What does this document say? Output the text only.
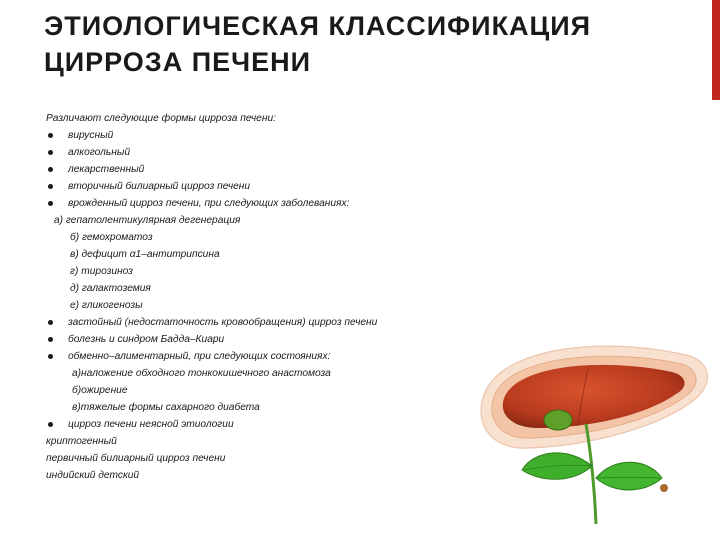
ЭТИОЛОГИЧЕСКАЯ КЛАССИФИКАЦИЯ
ЦИРРОЗА ПЕЧЕНИ
Различают следующие формы цирроза печени:
вирусный
алкогольный
лекарственный
вторичный билиарный цирроз печени
врожденный цирроз печени, при следующих заболеваниях:
а) гепатолентикулярная дегенерация
б) гемохроматоз
в) дефицит α1–антитрипсина
г) тирозиноз
д) галактоземия
е) гликогенозы
застойный (недостаточность кровообращения) цирроз печени
болезнь и синдром Бадда–Киари
обменно–алиментарный, при следующих состояниях:
а)наложение обходного тонкокишечного анастомоза
б)ожирение
в)тяжелые формы сахарного диабета
цирроз печени неясной этиологии
криптогенный
первичный билиарный цирроз печени
индийский детский
